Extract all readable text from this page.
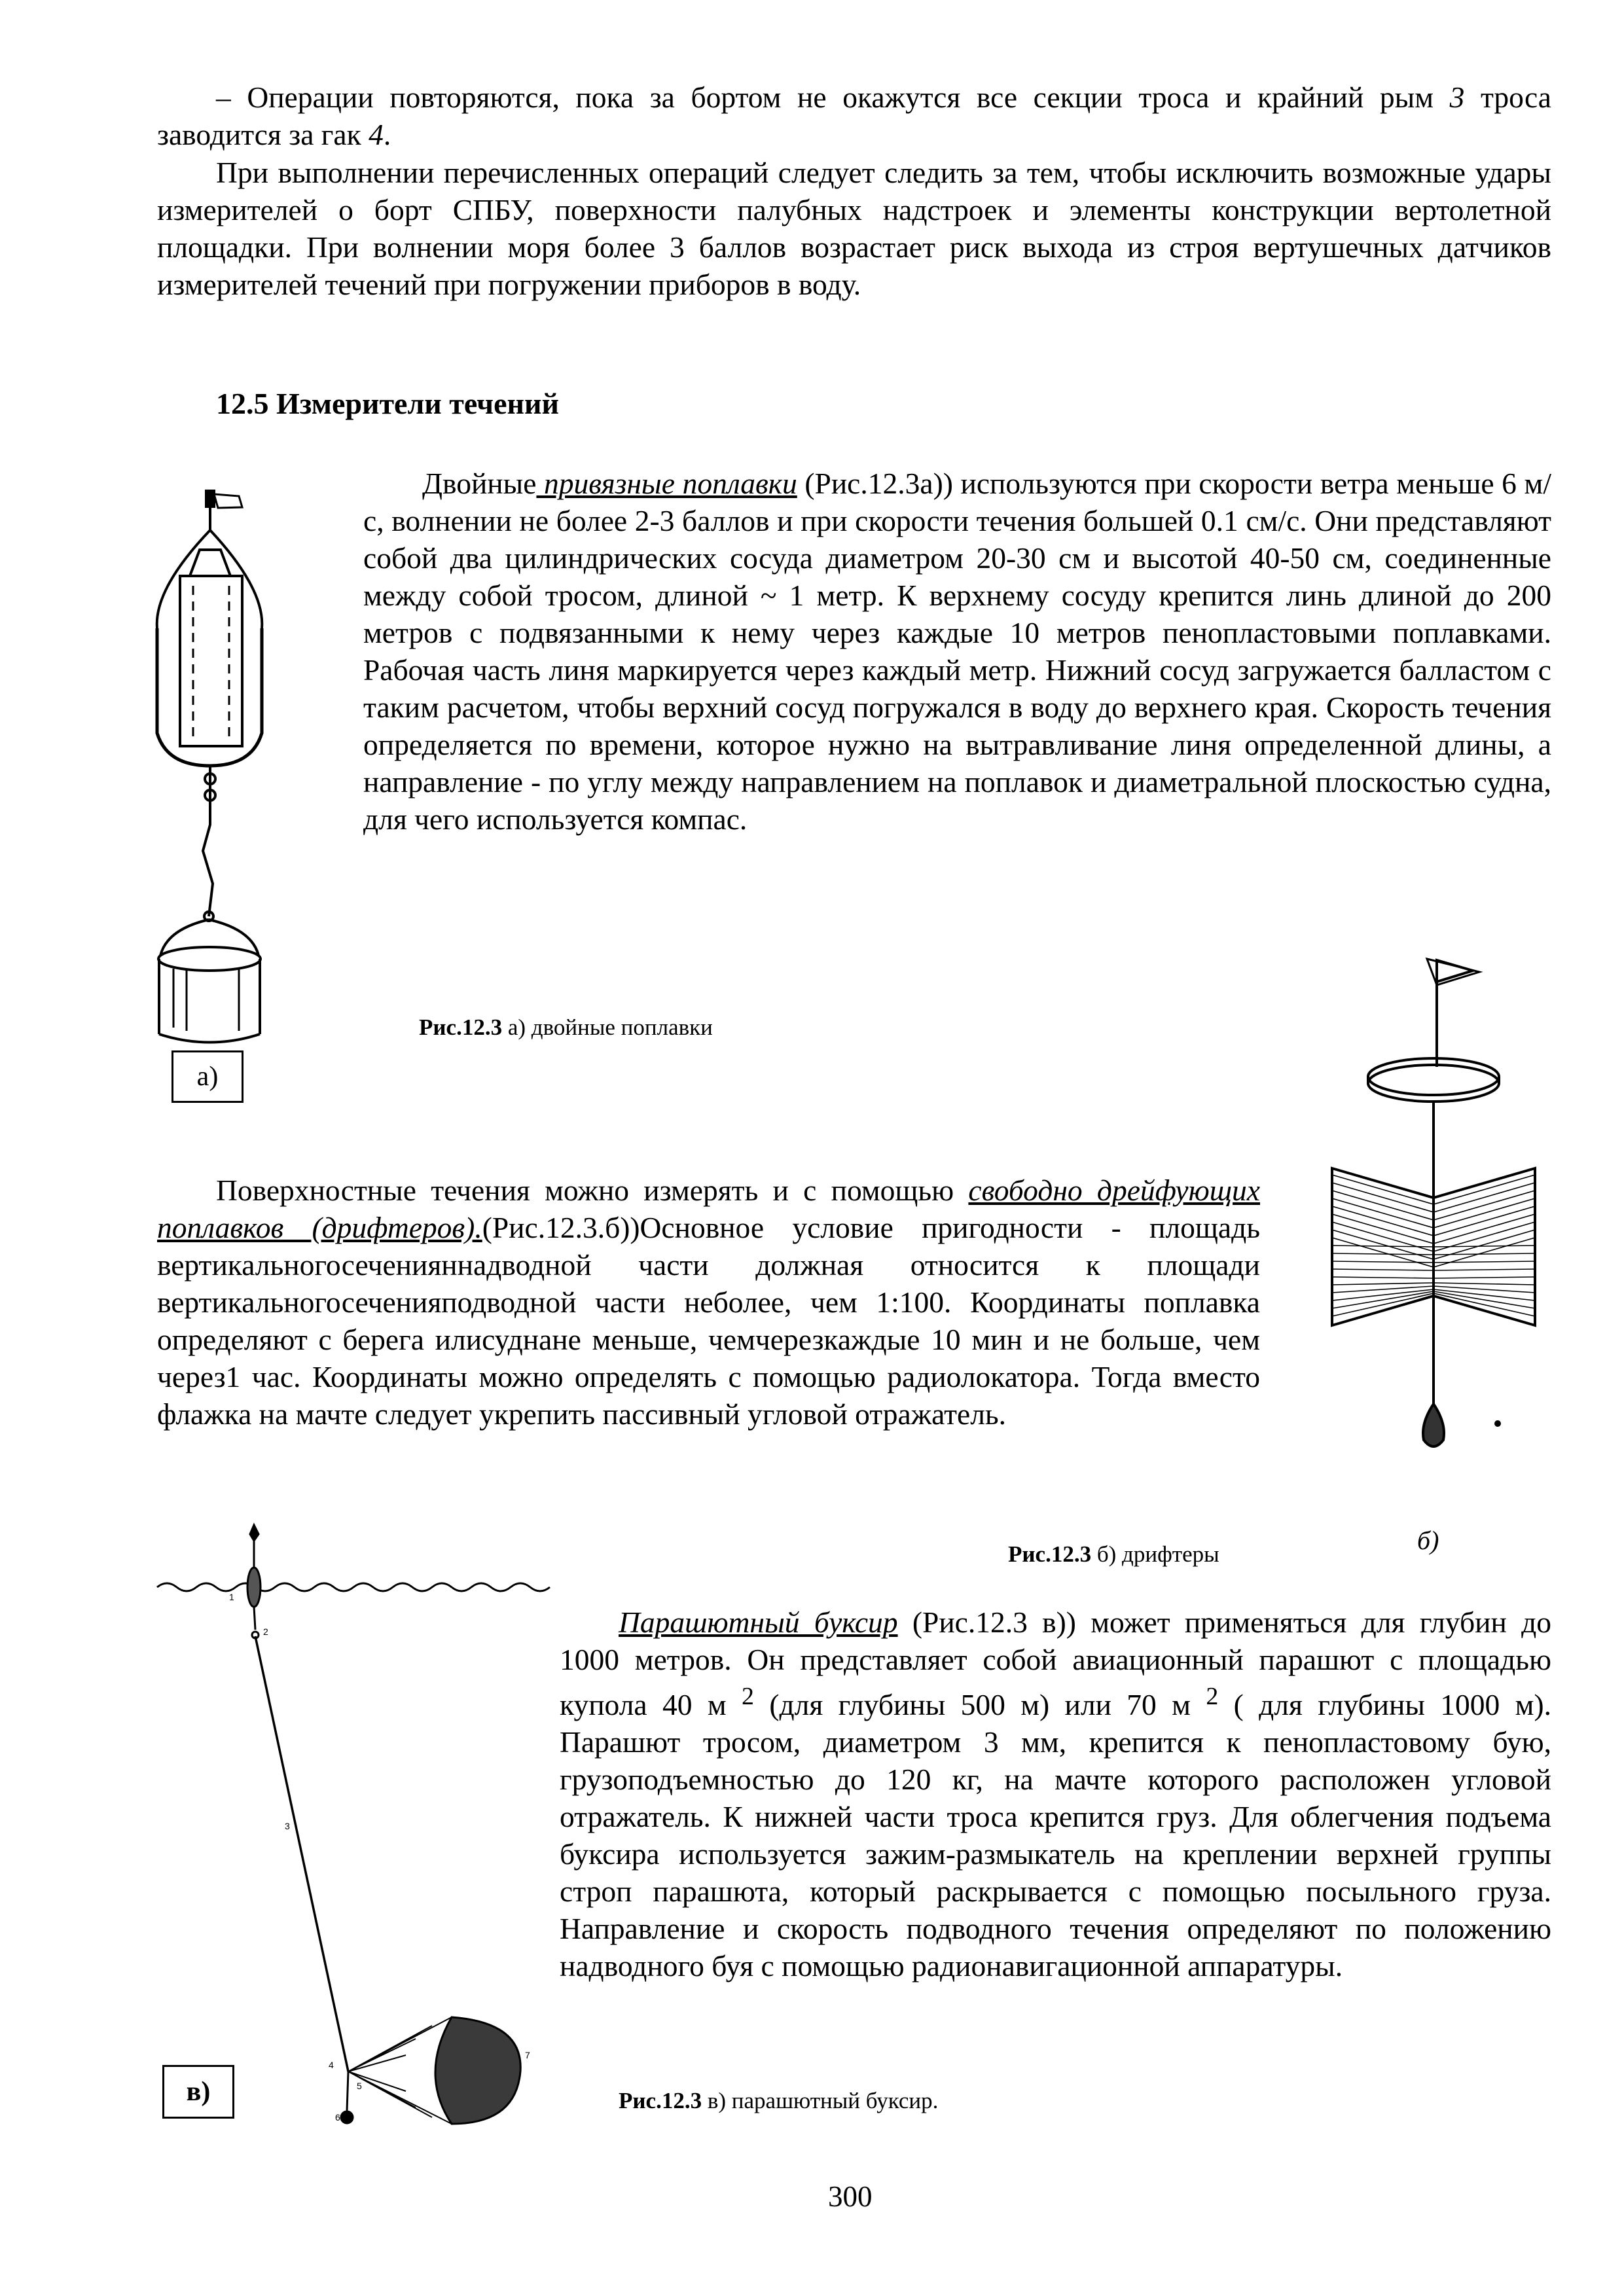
– Операции повторяются, пока за бортом не окажутся все секции троса и крайний рым 3 троса заводится за гак 4.

При выполнении перечисленных операций следует следить за тем, чтобы исключить возможные удары измерителей о борт СПБУ, поверхности палубных надстроек и элементы конструкции вертолетной площадки. При волнении моря более 3 баллов возрастает риск выхода из строя вертушечных датчиков измерителей течений при погружении приборов в воду.

12.5 Измерители течений

Двойные привязные поплавки (Рис.12.3а)) используются при скорости ветра меньше 6 м/с, волнении не более 2-3 баллов и при скорости течения большей 0.1 см/с. Они представляют собой два цилиндрических сосуда диаметром 20-30 см и высотой 40-50 см, соединенные между собой тросом, длиной ~ 1 метр. К верхнему сосуду крепится линь длиной до 200 метров с подвязанными к нему через каждые 10 метров пенопластовыми поплавками. Рабочая часть линя маркируется через каждый метр. Нижний сосуд загружается балластом с таким расчетом, чтобы верхний сосуд погружался в воду до верхнего края. Скорость течения определяется по времени, которое нужно на вытравливание линя определенной длины, а направление - по углу между направлением на поплавок и диаметральной плоскостью судна, для чего используется компас.

а)

Рис.12.3 а) двойные поплавки

Поверхностные течения можно измерять и с помощью свободно дрейфующих поплавков (дрифтеров).(Рис.12.3.б))Основное условие пригодности - площадь вертикальногосеченияннадводной части должная относится к площади вертикальногосеченияподводной части неболее, чем 1:100. Координаты поплавка определяют с берега илисуднане меньше, чемчерезкаждые 10 мин и не больше, чем через1 час. Координаты можно определять с помощью радиолокатора. Тогда вместо флажка на мачте следует укрепить пассивный угловой отражатель.

Рис.12.3 б) дрифтеры	б)

1
2
3
4
5
6
7
в)

Парашютный буксир (Рис.12.3 в)) может применяться для глубин до 1000 метров. Он представляет собой авиационный парашют с площадью купола 40 м $^2$ (для глубины 500 м) или 70 м $^2$ ( для глубины 1000 м). Парашют тросом, диаметром 3 мм, крепится к пенопластовому бую, грузоподъемностью до 120 кг, на мачте которого расположен угловой отражатель. К нижней части троса крепится груз. Для облегчения подъема буксира используется зажим-размыкатель на креплении верхней группы строп парашюта, который раскрывается с помощью посыльного груза. Направление и скорость подводного течения определяют по положению надводного буя с помощью радионавигационной аппаратуры.

Рис.12.3 в) парашютный буксир.

300
